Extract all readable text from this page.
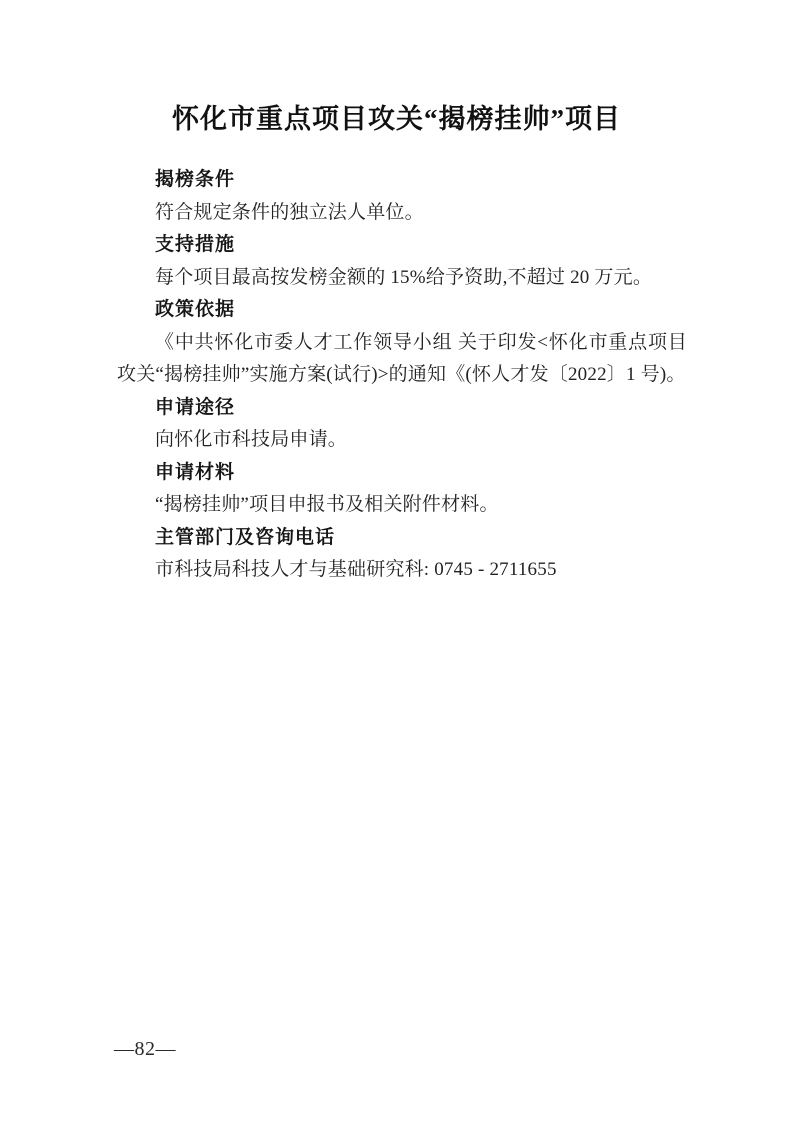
怀化市重点项目攻关“揭榜挂帅”项目
揭榜条件
符合规定条件的独立法人单位。
支持措施
每个项目最高按发榜金额的 15%给予资助,不超过 20 万元。
政策依据
《中共怀化市委人才工作领导小组 关于印发<怀化市重点项目攻关“揭榜挂帅”实施方案(试行)>的通知《(怀人才发〔2022〕1 号)。
申请途径
向怀化市科技局申请。
申请材料
“揭榜挂帅”项目申报书及相关附件材料。
主管部门及咨询电话
市科技局科技人才与基础研究科: 0745 - 2711655
—82—
